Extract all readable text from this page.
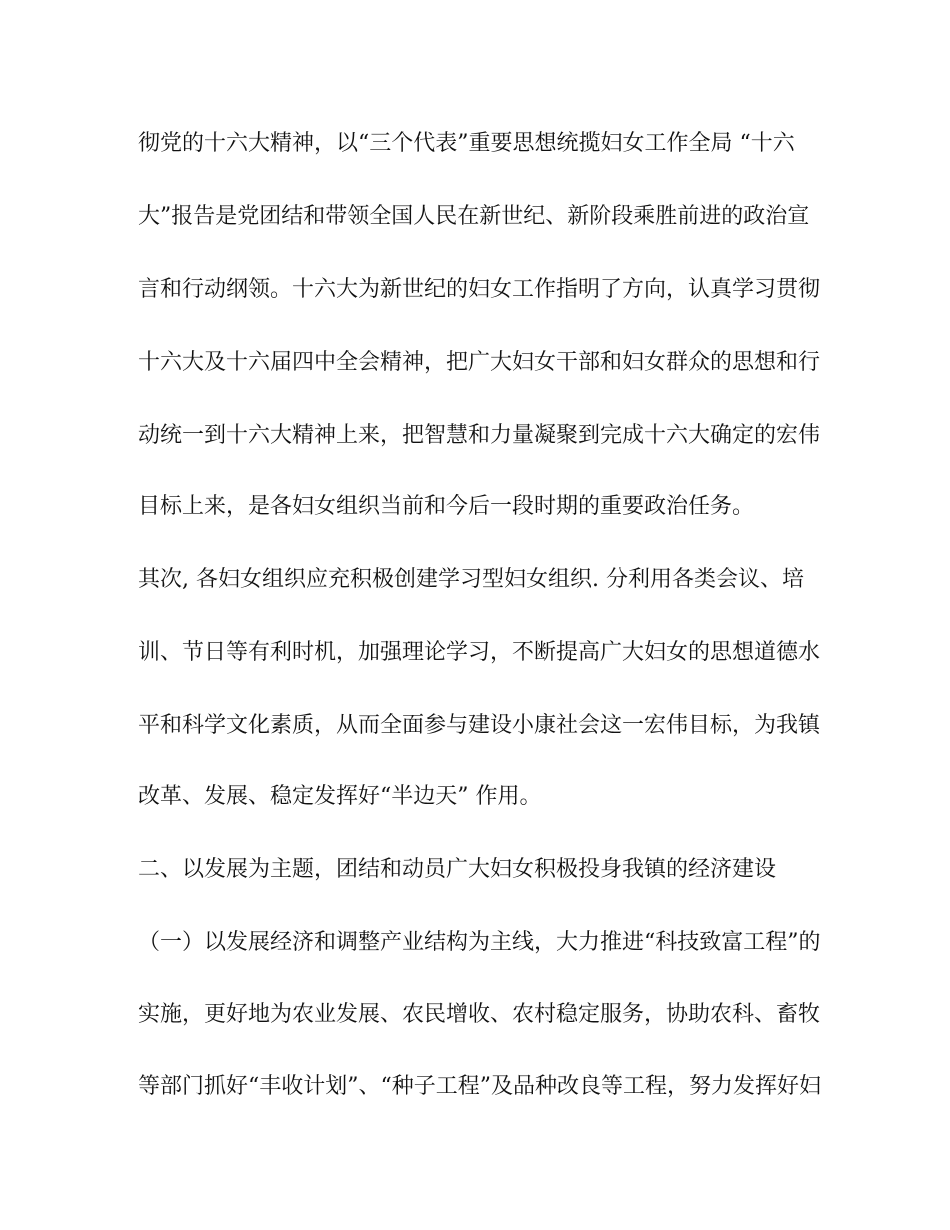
彻党的十六大精神，以“三个代表”重要思想统揽妇女工作全局 “十六
大”报告是党团结和带领全国人民在新世纪、新阶段乘胜前进的政治宣
言和行动纲领。十六大为新世纪的妇女工作指明了方向，认真学习贯彻
十六大及十六届四中全会精神，把广大妇女干部和妇女群众的思想和行
动统一到十六大精神上来，把智慧和力量凝聚到完成十六大确定的宏伟
目标上来，是各妇女组织当前和今后一段时期的重要政治任务。
其次, 各妇女组织应充积极创建学习型妇女组织. 分利用各类会议、培
训、节日等有利时机，加强理论学习，不断提高广大妇女的思想道德水
平和科学文化素质，从而全面参与建设小康社会这一宏伟目标，为我镇
改革、发展、稳定发挥好“半边天” 作用。
二、以发展为主题，团结和动员广大妇女积极投身我镇的经济建设
（一）以发展经济和调整产业结构为主线，大力推进“科技致富工程”的
实施，更好地为农业发展、农民增收、农村稳定服务，协助农科、畜牧
等部门抓好“丰收计划”、“种子工程”及品种改良等工程，努力发挥好妇
